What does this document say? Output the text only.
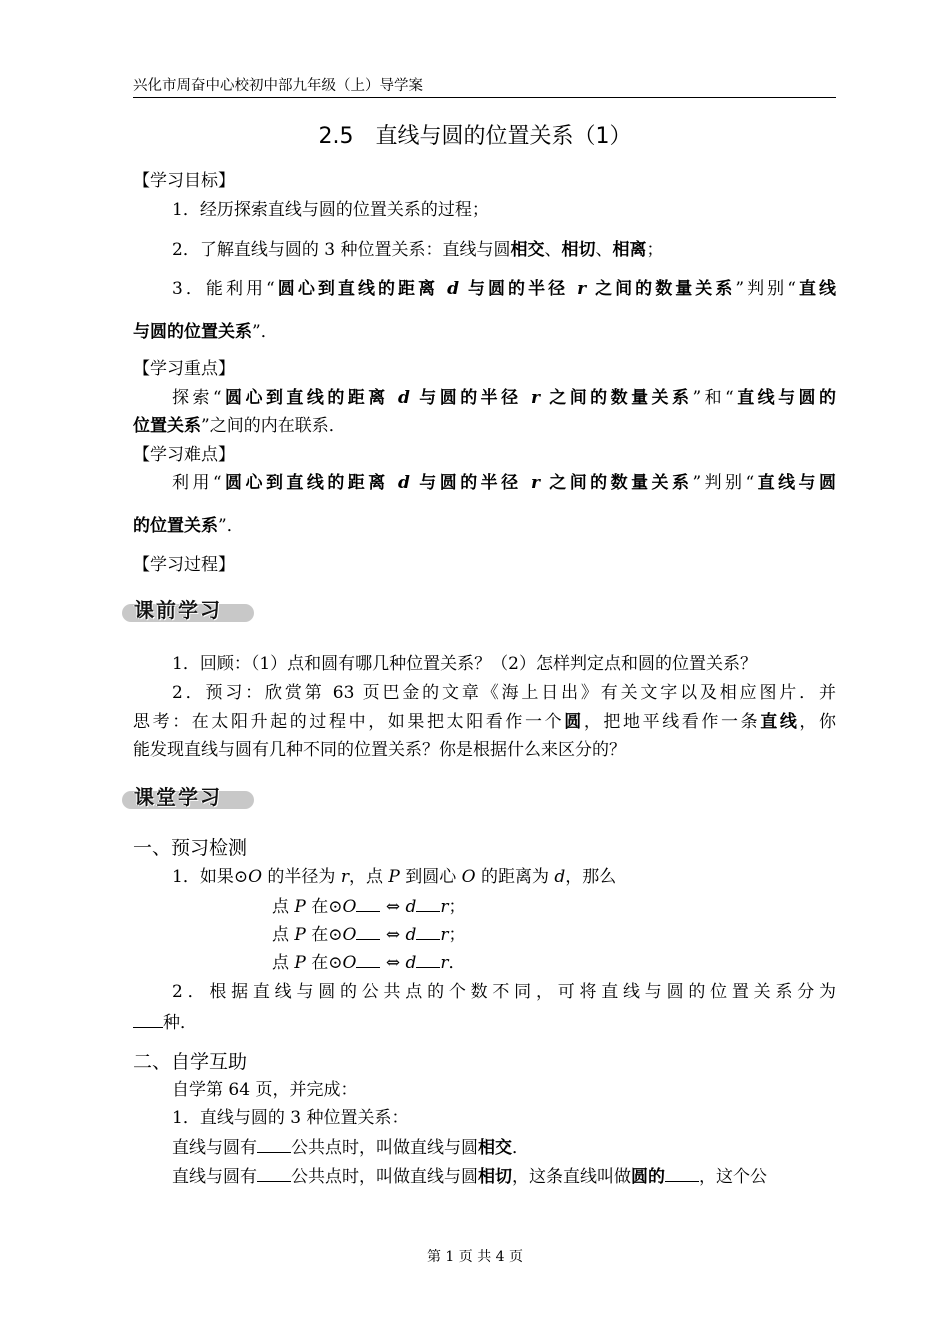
兴化市周奋中心校初中部九年级（上）导学案
2.5　直线与圆的位置关系（1）
【学习目标】
1．经历探索直线与圆的位置关系的过程；
2．了解直线与圆的 3 种位置关系：直线与圆相交、相切、相离；
3．能利用“圆心到直线的距离 d 与圆的半径 r 之间的数量关系”判别“直线
与圆的位置关系”．
【学习重点】
探索“圆心到直线的距离 d 与圆的半径 r 之间的数量关系”和“直线与圆的
位置关系”之间的内在联系．
【学习难点】
利用“圆心到直线的距离 d 与圆的半径 r 之间的数量关系”判别“直线与圆
的位置关系”．
【学习过程】
课前学习
1．回顾：（1）点和圆有哪几种位置关系？（2）怎样判定点和圆的位置关系？
2．预习：欣赏第 63 页巴金的文章《海上日出》有关文字以及相应图片．并
思考：在太阳升起的过程中，如果把太阳看作一个圆，把地平线看作一条直线，你
能发现直线与圆有几种不同的位置关系？你是根据什么来区分的？
课堂学习
一、预习检测
1．如果⊙O 的半径为 r，点 P 到圆心 O 的距离为 d，那么
点 P 在⊙O ⇔ d r；
点 P 在⊙O ⇔ d r；
点 P 在⊙O ⇔ d r．
2．根据直线与圆的公共点的个数不同，可将直线与圆的位置关系分为
种．
二、自学互助
自学第 64 页，并完成：
1．直线与圆的 3 种位置关系：
直线与圆有 公共点时，叫做直线与圆相交．
直线与圆有 公共点时，叫做直线与圆相切，这条直线叫做圆的 ，这个公
第 1 页 共 4 页
